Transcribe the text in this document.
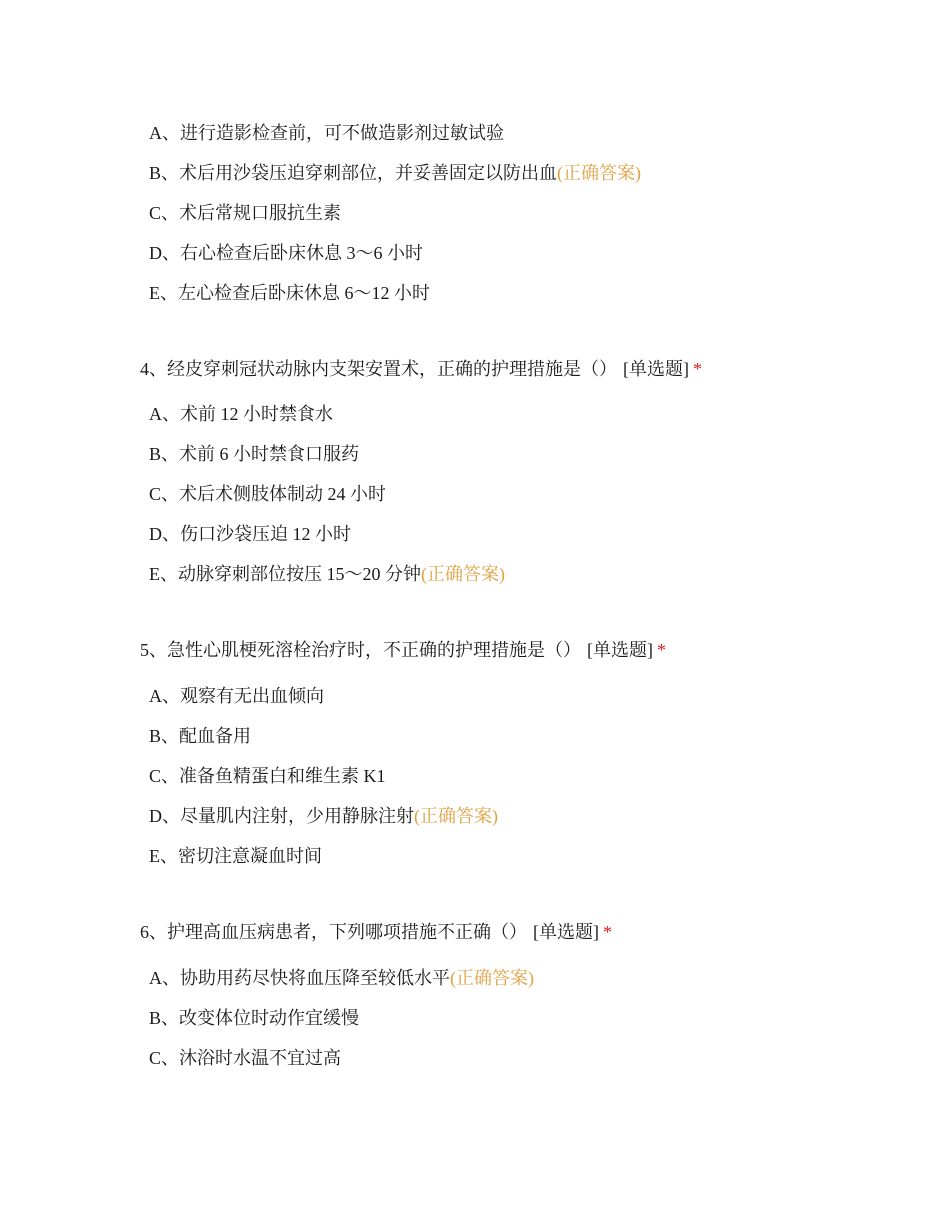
A、进行造影检查前，可不做造影剂过敏试验
B、术后用沙袋压迫穿刺部位，并妥善固定以防出血(正确答案)
C、术后常规口服抗生素
D、右心检查后卧床休息 3～6 小时
E、左心检查后卧床休息 6～12 小时
4、经皮穿刺冠状动脉内支架安置术，正确的护理措施是（） [单选题] *
A、术前 12 小时禁食水
B、术前 6 小时禁食口服药
C、术后术侧肢体制动 24 小时
D、伤口沙袋压迫 12 小时
E、动脉穿刺部位按压 15～20 分钟(正确答案)
5、急性心肌梗死溶栓治疗时，不正确的护理措施是（） [单选题] *
A、观察有无出血倾向
B、配血备用
C、准备鱼精蛋白和维生素 K1
D、尽量肌内注射，少用静脉注射(正确答案)
E、密切注意凝血时间
6、护理高血压病患者，下列哪项措施不正确（） [单选题] *
A、协助用药尽快将血压降至较低水平(正确答案)
B、改变体位时动作宜缓慢
C、沐浴时水温不宜过高
